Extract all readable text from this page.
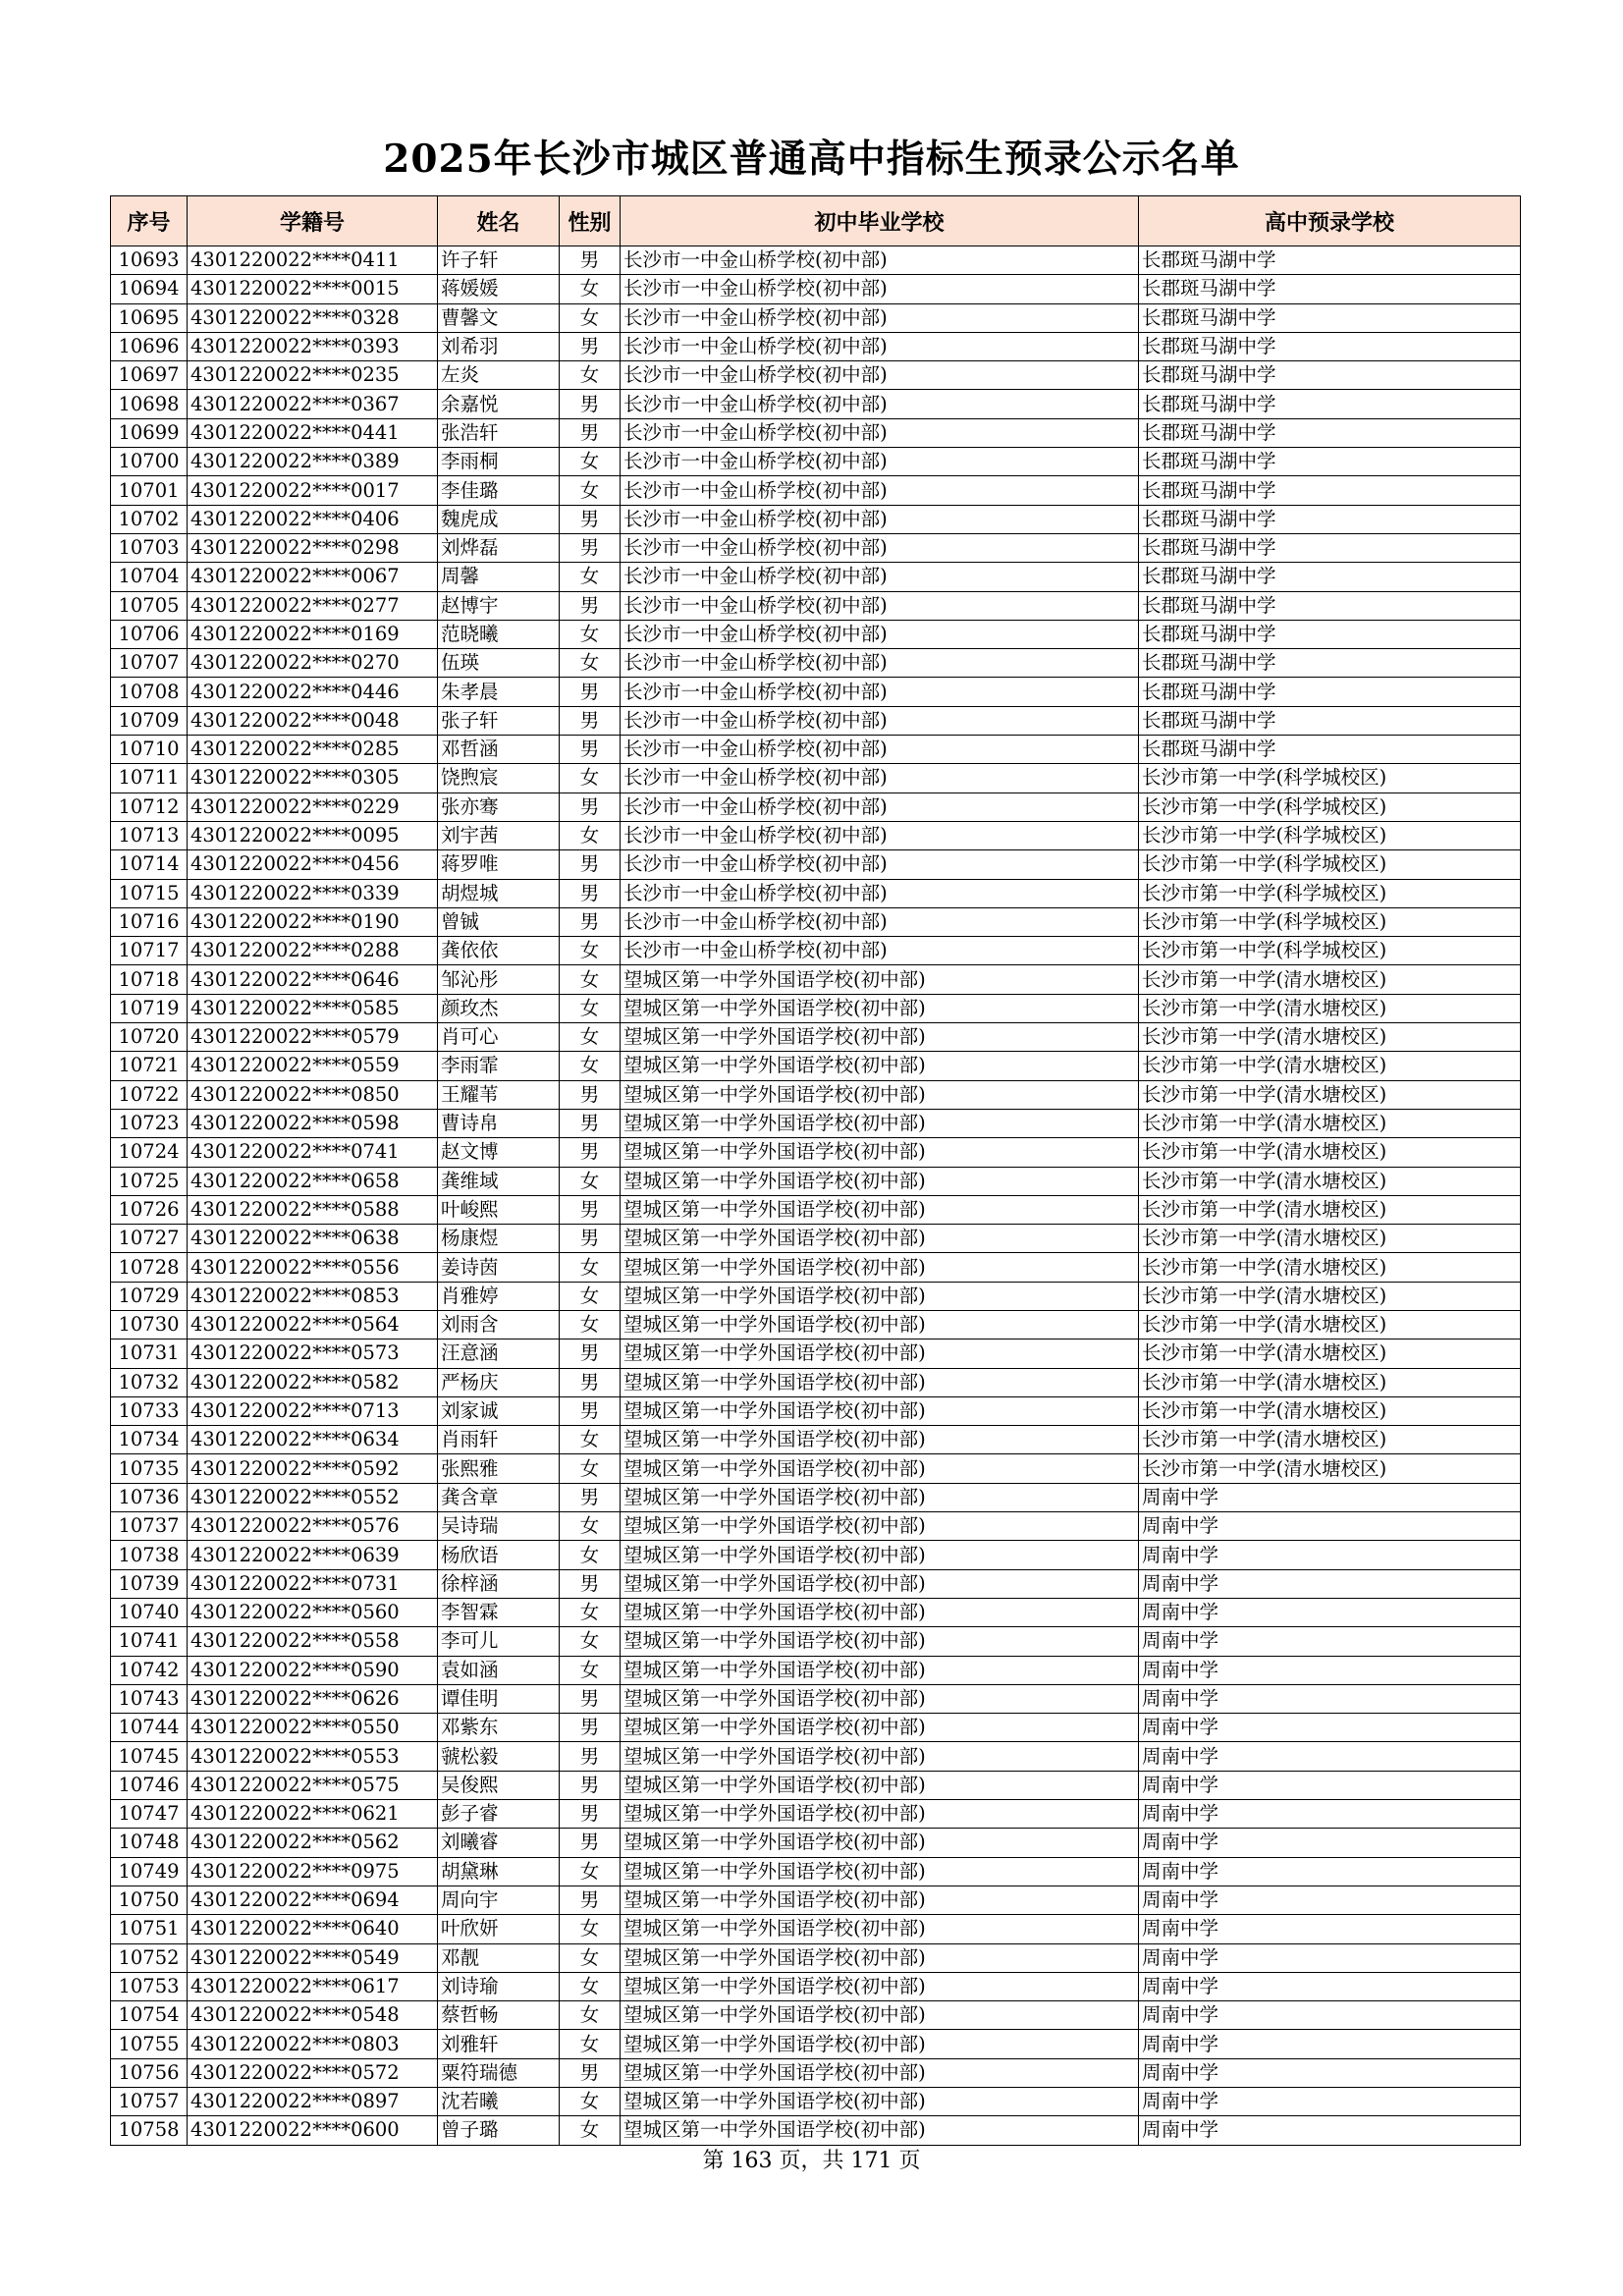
2025年长沙市城区普通高中指标生预录公示名单
序号	学籍号	姓名	性别	初中毕业学校	高中预录学校
10693	4301220022****0411	许子轩	男	长沙市一中金山桥学校(初中部)	长郡斑马湖中学
10694	4301220022****0015	蒋媛媛	女	长沙市一中金山桥学校(初中部)	长郡斑马湖中学
10695	4301220022****0328	曹馨文	女	长沙市一中金山桥学校(初中部)	长郡斑马湖中学
10696	4301220022****0393	刘希羽	男	长沙市一中金山桥学校(初中部)	长郡斑马湖中学
10697	4301220022****0235	左炎	女	长沙市一中金山桥学校(初中部)	长郡斑马湖中学
10698	4301220022****0367	余嘉悦	男	长沙市一中金山桥学校(初中部)	长郡斑马湖中学
10699	4301220022****0441	张浩轩	男	长沙市一中金山桥学校(初中部)	长郡斑马湖中学
10700	4301220022****0389	李雨桐	女	长沙市一中金山桥学校(初中部)	长郡斑马湖中学
10701	4301220022****0017	李佳璐	女	长沙市一中金山桥学校(初中部)	长郡斑马湖中学
10702	4301220022****0406	魏虎成	男	长沙市一中金山桥学校(初中部)	长郡斑马湖中学
10703	4301220022****0298	刘烨磊	男	长沙市一中金山桥学校(初中部)	长郡斑马湖中学
10704	4301220022****0067	周馨	女	长沙市一中金山桥学校(初中部)	长郡斑马湖中学
10705	4301220022****0277	赵博宇	男	长沙市一中金山桥学校(初中部)	长郡斑马湖中学
10706	4301220022****0169	范晓曦	女	长沙市一中金山桥学校(初中部)	长郡斑马湖中学
10707	4301220022****0270	伍瑛	女	长沙市一中金山桥学校(初中部)	长郡斑马湖中学
10708	4301220022****0446	朱孝晨	男	长沙市一中金山桥学校(初中部)	长郡斑马湖中学
10709	4301220022****0048	张子轩	男	长沙市一中金山桥学校(初中部)	长郡斑马湖中学
10710	4301220022****0285	邓哲涵	男	长沙市一中金山桥学校(初中部)	长郡斑马湖中学
10711	4301220022****0305	饶煦宸	女	长沙市一中金山桥学校(初中部)	长沙市第一中学(科学城校区)
10712	4301220022****0229	张亦骞	男	长沙市一中金山桥学校(初中部)	长沙市第一中学(科学城校区)
10713	4301220022****0095	刘宇茜	女	长沙市一中金山桥学校(初中部)	长沙市第一中学(科学城校区)
10714	4301220022****0456	蒋罗唯	男	长沙市一中金山桥学校(初中部)	长沙市第一中学(科学城校区)
10715	4301220022****0339	胡煜城	男	长沙市一中金山桥学校(初中部)	长沙市第一中学(科学城校区)
10716	4301220022****0190	曾铖	男	长沙市一中金山桥学校(初中部)	长沙市第一中学(科学城校区)
10717	4301220022****0288	龚依依	女	长沙市一中金山桥学校(初中部)	长沙市第一中学(科学城校区)
10718	4301220022****0646	邹沁彤	女	望城区第一中学外国语学校(初中部)	长沙市第一中学(清水塘校区)
10719	4301220022****0585	颜玫杰	女	望城区第一中学外国语学校(初中部)	长沙市第一中学(清水塘校区)
10720	4301220022****0579	肖可心	女	望城区第一中学外国语学校(初中部)	长沙市第一中学(清水塘校区)
10721	4301220022****0559	李雨霏	女	望城区第一中学外国语学校(初中部)	长沙市第一中学(清水塘校区)
10722	4301220022****0850	王耀苇	男	望城区第一中学外国语学校(初中部)	长沙市第一中学(清水塘校区)
10723	4301220022****0598	曹诗帛	男	望城区第一中学外国语学校(初中部)	长沙市第一中学(清水塘校区)
10724	4301220022****0741	赵文博	男	望城区第一中学外国语学校(初中部)	长沙市第一中学(清水塘校区)
10725	4301220022****0658	龚维域	女	望城区第一中学外国语学校(初中部)	长沙市第一中学(清水塘校区)
10726	4301220022****0588	叶峻熙	男	望城区第一中学外国语学校(初中部)	长沙市第一中学(清水塘校区)
10727	4301220022****0638	杨康煜	男	望城区第一中学外国语学校(初中部)	长沙市第一中学(清水塘校区)
10728	4301220022****0556	姜诗茵	女	望城区第一中学外国语学校(初中部)	长沙市第一中学(清水塘校区)
10729	4301220022****0853	肖雅婷	女	望城区第一中学外国语学校(初中部)	长沙市第一中学(清水塘校区)
10730	4301220022****0564	刘雨含	女	望城区第一中学外国语学校(初中部)	长沙市第一中学(清水塘校区)
10731	4301220022****0573	汪意涵	男	望城区第一中学外国语学校(初中部)	长沙市第一中学(清水塘校区)
10732	4301220022****0582	严杨庆	男	望城区第一中学外国语学校(初中部)	长沙市第一中学(清水塘校区)
10733	4301220022****0713	刘家诚	男	望城区第一中学外国语学校(初中部)	长沙市第一中学(清水塘校区)
10734	4301220022****0634	肖雨轩	女	望城区第一中学外国语学校(初中部)	长沙市第一中学(清水塘校区)
10735	4301220022****0592	张熙雅	女	望城区第一中学外国语学校(初中部)	长沙市第一中学(清水塘校区)
10736	4301220022****0552	龚含章	男	望城区第一中学外国语学校(初中部)	周南中学
10737	4301220022****0576	吴诗瑞	女	望城区第一中学外国语学校(初中部)	周南中学
10738	4301220022****0639	杨欣语	女	望城区第一中学外国语学校(初中部)	周南中学
10739	4301220022****0731	徐梓涵	男	望城区第一中学外国语学校(初中部)	周南中学
10740	4301220022****0560	李智霖	女	望城区第一中学外国语学校(初中部)	周南中学
10741	4301220022****0558	李可儿	女	望城区第一中学外国语学校(初中部)	周南中学
10742	4301220022****0590	袁如涵	女	望城区第一中学外国语学校(初中部)	周南中学
10743	4301220022****0626	谭佳明	男	望城区第一中学外国语学校(初中部)	周南中学
10744	4301220022****0550	邓紫东	男	望城区第一中学外国语学校(初中部)	周南中学
10745	4301220022****0553	虢松毅	男	望城区第一中学外国语学校(初中部)	周南中学
10746	4301220022****0575	吴俊熙	男	望城区第一中学外国语学校(初中部)	周南中学
10747	4301220022****0621	彭子睿	男	望城区第一中学外国语学校(初中部)	周南中学
10748	4301220022****0562	刘曦睿	男	望城区第一中学外国语学校(初中部)	周南中学
10749	4301220022****0975	胡黛琳	女	望城区第一中学外国语学校(初中部)	周南中学
10750	4301220022****0694	周向宇	男	望城区第一中学外国语学校(初中部)	周南中学
10751	4301220022****0640	叶欣妍	女	望城区第一中学外国语学校(初中部)	周南中学
10752	4301220022****0549	邓靓	女	望城区第一中学外国语学校(初中部)	周南中学
10753	4301220022****0617	刘诗瑜	女	望城区第一中学外国语学校(初中部)	周南中学
10754	4301220022****0548	蔡哲畅	女	望城区第一中学外国语学校(初中部)	周南中学
10755	4301220022****0803	刘雅轩	女	望城区第一中学外国语学校(初中部)	周南中学
10756	4301220022****0572	粟符瑞德	男	望城区第一中学外国语学校(初中部)	周南中学
10757	4301220022****0897	沈若曦	女	望城区第一中学外国语学校(初中部)	周南中学
10758	4301220022****0600	曾子璐	女	望城区第一中学外国语学校(初中部)	周南中学
第 163 页，共 171 页
